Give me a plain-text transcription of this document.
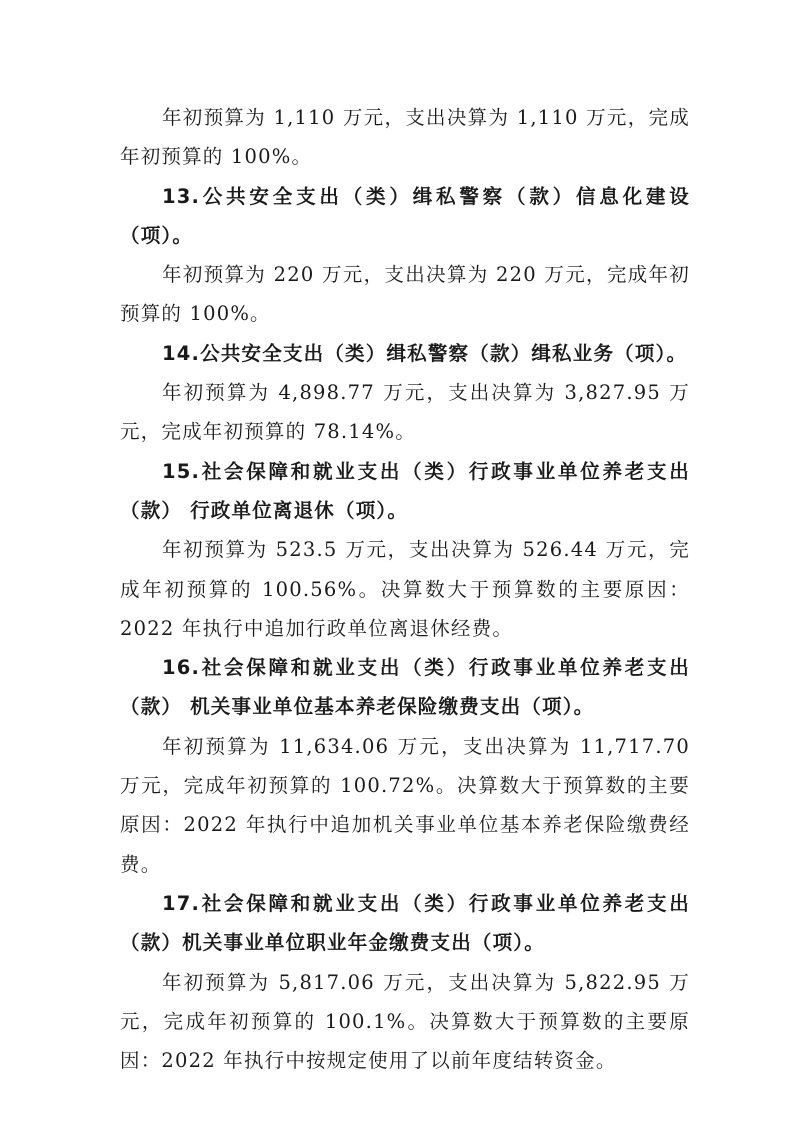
年初预算为 1,110 万元，支出决算为 1,110 万元，完成年初预算的 100%。

13.公共安全支出（类）缉私警察（款）信息化建设（项）。

年初预算为 220 万元，支出决算为 220 万元，完成年初预算的 100%。

14.公共安全支出（类）缉私警察（款）缉私业务（项）。

年初预算为 4,898.77 万元，支出决算为 3,827.95 万元，完成年初预算的 78.14%。

15.社会保障和就业支出（类）行政事业单位养老支出（款） 行政单位离退休（项）。

年初预算为 523.5 万元，支出决算为 526.44 万元，完成年初预算的 100.56%。决算数大于预算数的主要原因：2022 年执行中追加行政单位离退休经费。

16.社会保障和就业支出（类）行政事业单位养老支出（款） 机关事业单位基本养老保险缴费支出（项）。

年初预算为 11,634.06 万元，支出决算为 11,717.70 万元，完成年初预算的 100.72%。决算数大于预算数的主要原因：2022 年执行中追加机关事业单位基本养老保险缴费经费。

17.社会保障和就业支出（类）行政事业单位养老支出（款）机关事业单位职业年金缴费支出（项）。

年初预算为 5,817.06 万元，支出决算为 5,822.95 万元，完成年初预算的 100.1%。决算数大于预算数的主要原因：2022 年执行中按规定使用了以前年度结转资金。
